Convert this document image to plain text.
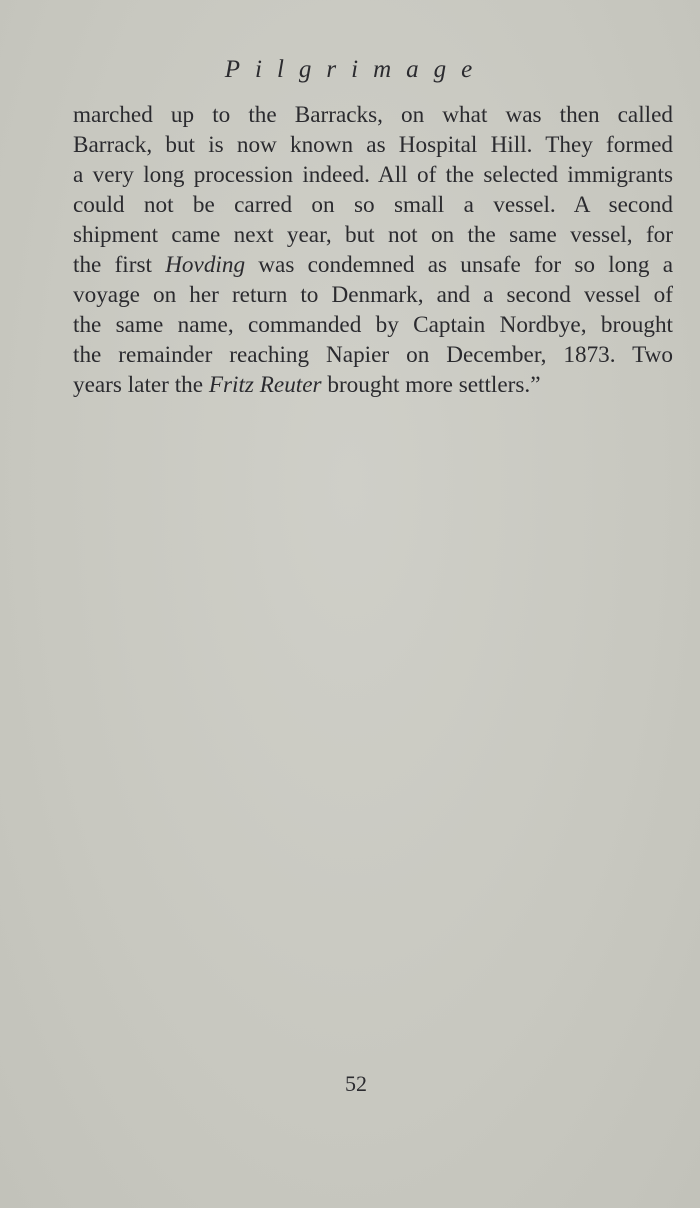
Pilgrimage
marched up to the Barracks, on what was then called
Barrack, but is now known as Hospital Hill. They formed
a very long procession indeed. All of the selected immigrants
could not be carred on so small a vessel. A second
shipment came next year, but not on the same vessel, for
the first Hovding was condemned as unsafe for so long a
voyage on her return to Denmark, and a second vessel of
the same name, commanded by Captain Nordbye, brought
the remainder reaching Napier on December, 1873. Two
years later the Fritz Reuter brought more settlers.”
52
